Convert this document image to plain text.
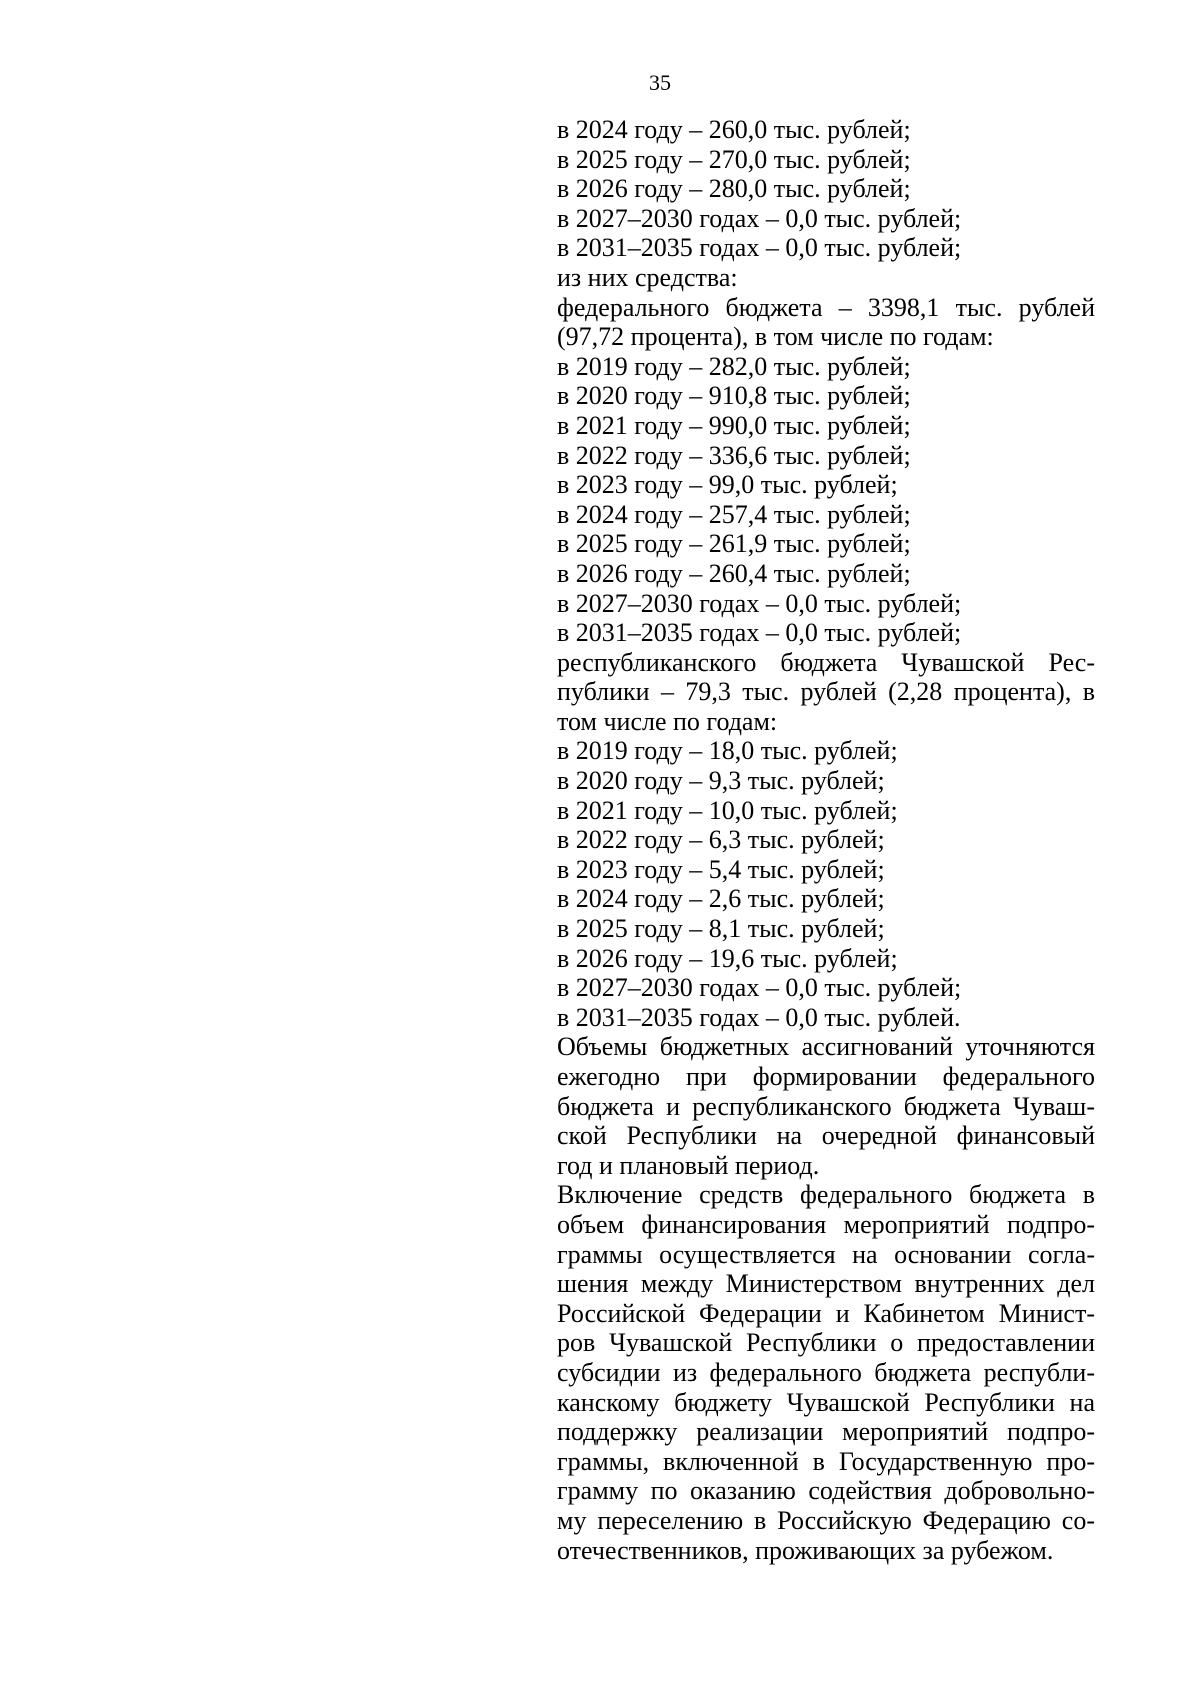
35
в 2024 году – 260,0 тыс. рублей;
в 2025 году – 270,0 тыс. рублей;
в 2026 году – 280,0 тыс. рублей;
в 2027–2030 годах – 0,0 тыс. рублей;
в 2031–2035 годах – 0,0 тыс. рублей;
из них средства:
федерального бюджета – 3398,1 тыс. рублей
(97,72 процента), в том числе по годам:
в 2019 году – 282,0 тыс. рублей;
в 2020 году – 910,8 тыс. рублей;
в 2021 году – 990,0 тыс. рублей;
в 2022 году – 336,6 тыс. рублей;
в 2023 году – 99,0 тыс. рублей;
в 2024 году – 257,4 тыс. рублей;
в 2025 году – 261,9 тыс. рублей;
в 2026 году – 260,4 тыс. рублей;
в 2027–2030 годах – 0,0 тыс. рублей;
в 2031–2035 годах – 0,0 тыс. рублей;
республиканского бюджета Чувашской Рес-
публики – 79,3 тыс. рублей (2,28 процента), в
том числе по годам:
в 2019 году – 18,0 тыс. рублей;
в 2020 году – 9,3 тыс. рублей;
в 2021 году – 10,0 тыс. рублей;
в 2022 году – 6,3 тыс. рублей;
в 2023 году – 5,4 тыс. рублей;
в 2024 году – 2,6 тыс. рублей;
в 2025 году – 8,1 тыс. рублей;
в 2026 году – 19,6 тыс. рублей;
в 2027–2030 годах – 0,0 тыс. рублей;
в 2031–2035 годах – 0,0 тыс. рублей.
Объемы бюджетных ассигнований уточняются
ежегодно при формировании федерального
бюджета и республиканского бюджета Чуваш-
ской Республики на очередной финансовый
год и плановый период.
Включение средств федерального бюджета в
объем финансирования мероприятий подпро-
граммы осуществляется на основании согла-
шения между Министерством внутренних дел
Российской Федерации и Кабинетом Минист-
ров Чувашской Республики о предоставлении
субсидии из федерального бюджета республи-
канскому бюджету Чувашской Республики на
поддержку реализации мероприятий подпро-
граммы, включенной в Государственную про-
грамму по оказанию содействия добровольно-
му переселению в Российскую Федерацию со-
отечественников, проживающих за рубежом.
